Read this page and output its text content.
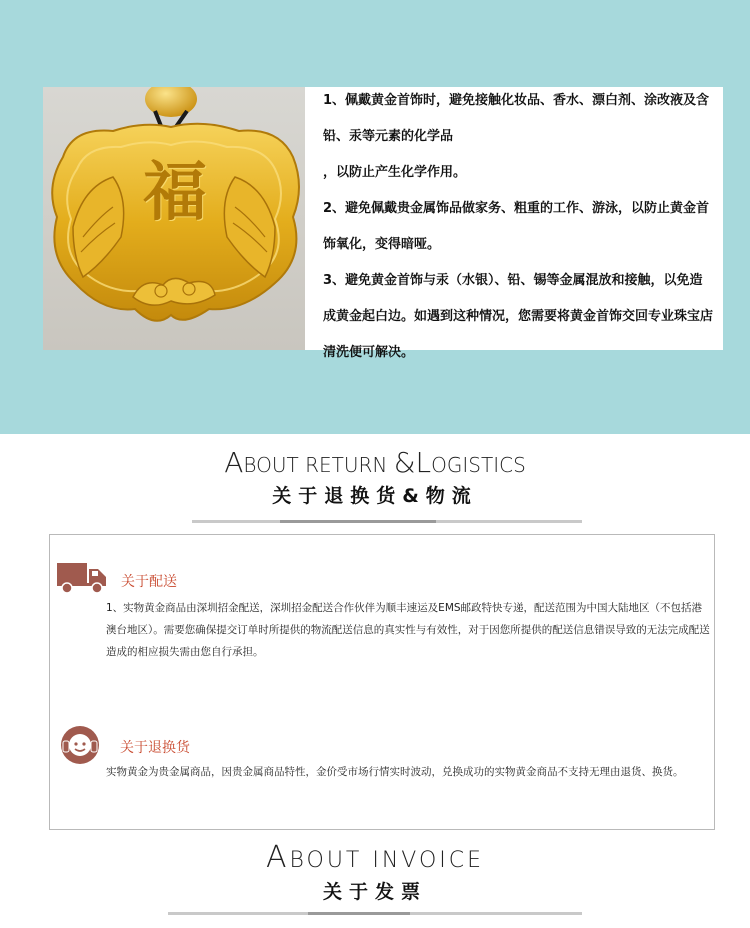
福

1、佩戴黄金首饰时，避免接触化妆品、香水、漂白剂、涂改液及含铅、汞等元素的化学品

，以防止产生化学作用。

2、避免佩戴贵金属饰品做家务、粗重的工作、游泳，以防止黄金首饰氧化，变得暗哑。

3、避免黄金首饰与汞（水银）、铅、锡等金属混放和接触，以免造成黄金起白边。如遇到这种情况，您需要将黄金首饰交回专业珠宝店清洗便可解决。

ABOUT RETURN &LOGISTICS
关于退换货&物流
关于配送
1、实物黄金商品由深圳招金配送，深圳招金配送合作伙伴为顺丰速运及EMS邮政特快专递，配送范围为中国大陆地区（不包括港澳台地区）。需要您确保提交订单时所提供的物流配送信息的真实性与有效性，对于因您所提供的配送信息错误导致的无法完成配送造成的相应损失需由您自行承担。
关于退换货
实物黄金为贵金属商品，因贵金属商品特性，金价受市场行情实时波动，兑换成功的实物黄金商品不支持无理由退货、换货。
ABOUT INVOICE
关于发票
